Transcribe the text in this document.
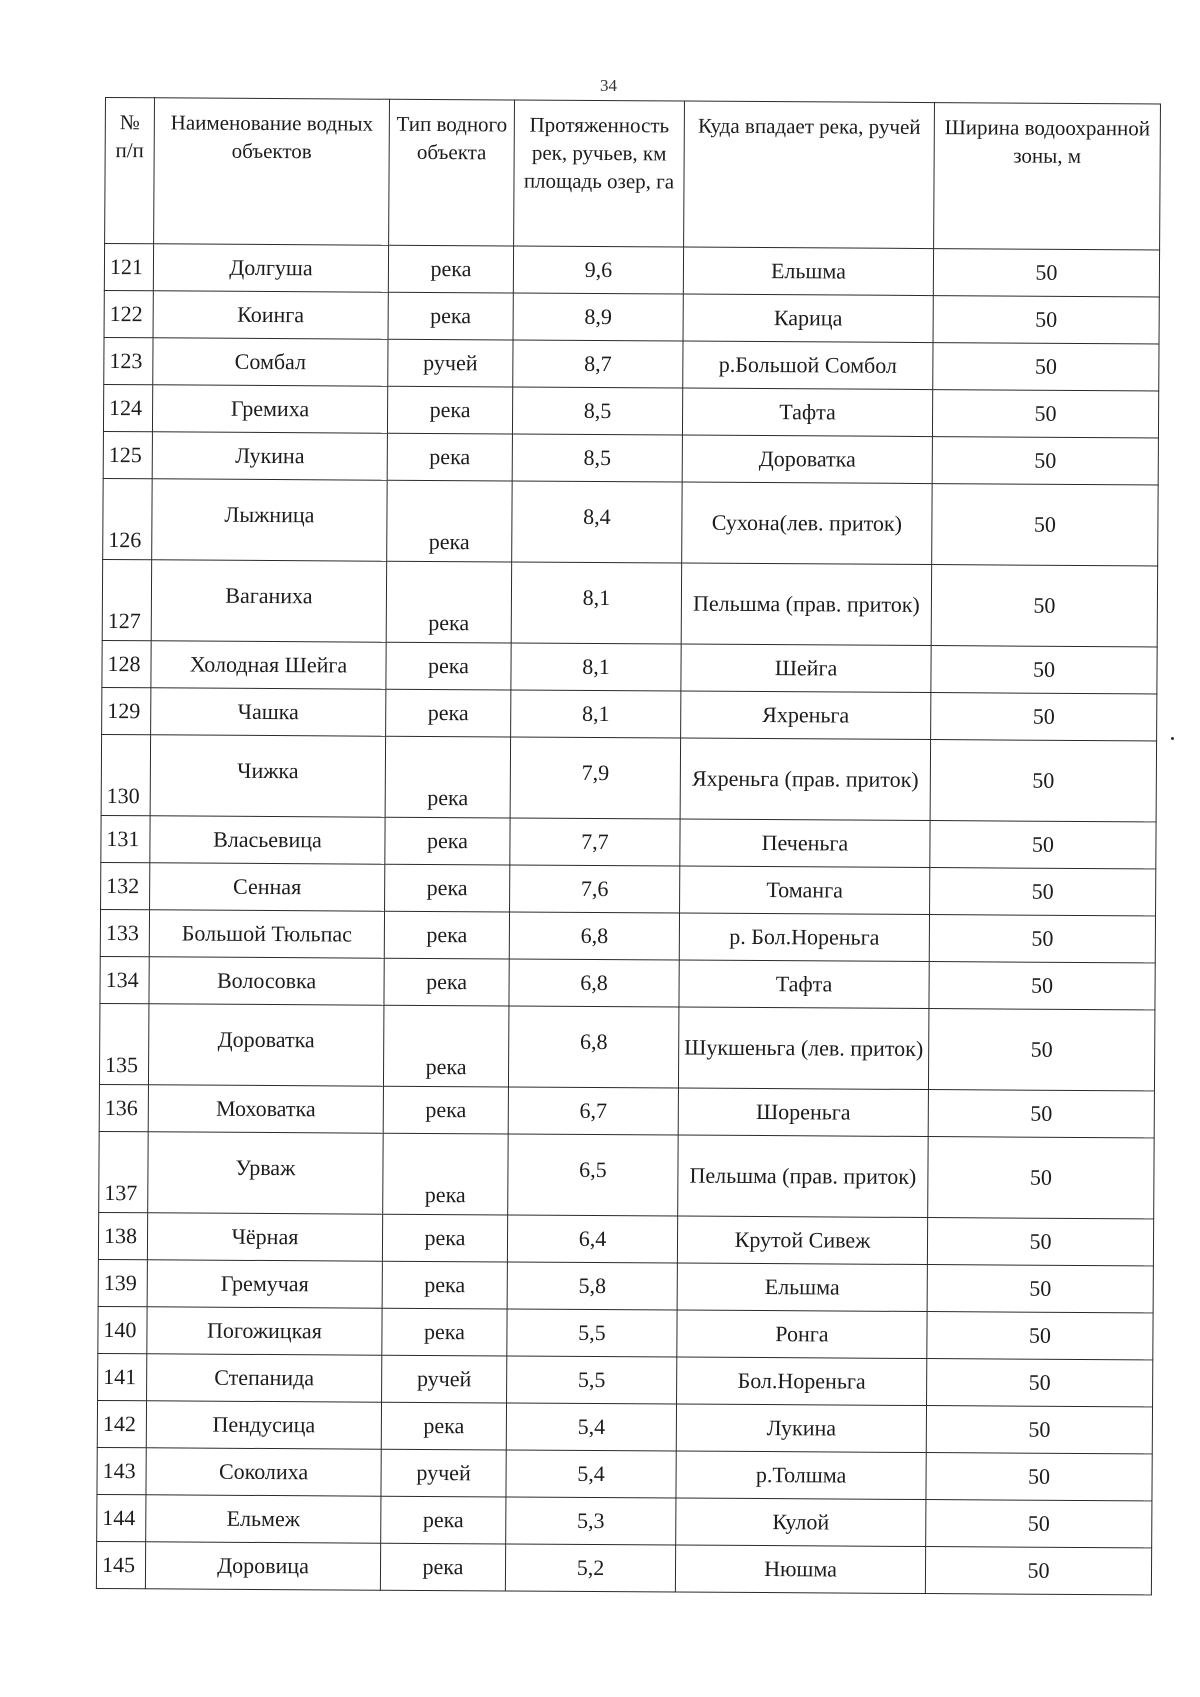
34
№ п/п	Наименование водных объектов	Тип водного объекта	Протяженность рек, ручьев, км площадь озер, га	Куда впадает река, ручей	Ширина водоохранной зоны, м
121	Долгуша	река	9,6	Ельшма	50
122	Коинга	река	8,9	Карица	50
123	Сомбал	ручей	8,7	р.Большой Сомбол	50
124	Гремиха	река	8,5	Тафта	50
125	Лукина	река	8,5	Дороватка	50
126	Лыжница	река	8,4	Сухона(лев. приток)	50
127	Ваганиха	река	8,1	Пельшма (прав. приток)	50
128	Холодная Шейга	река	8,1	Шейга	50
129	Чашка	река	8,1	Яхреньга	50
130	Чижка	река	7,9	Яхреньга (прав. приток)	50
131	Власьевица	река	7,7	Печеньга	50
132	Сенная	река	7,6	Томанга	50
133	Большой Тюльпас	река	6,8	р. Бол.Нореньга	50
134	Волосовка	река	6,8	Тафта	50
135	Дороватка	река	6,8	Шукшеньга (лев. приток)	50
136	Моховатка	река	6,7	Шореньга	50
137	Урваж	река	6,5	Пельшма (прав. приток)	50
138	Чёрная	река	6,4	Крутой Сивеж	50
139	Гремучая	река	5,8	Ельшма	50
140	Погожицкая	река	5,5	Ронга	50
141	Степанида	ручей	5,5	Бол.Нореньга	50
142	Пендусица	река	5,4	Лукина	50
143	Соколиха	ручей	5,4	р.Толшма	50
144	Ельмеж	река	5,3	Кулой	50
145	Доровица	река	5,2	Нюшма	50
